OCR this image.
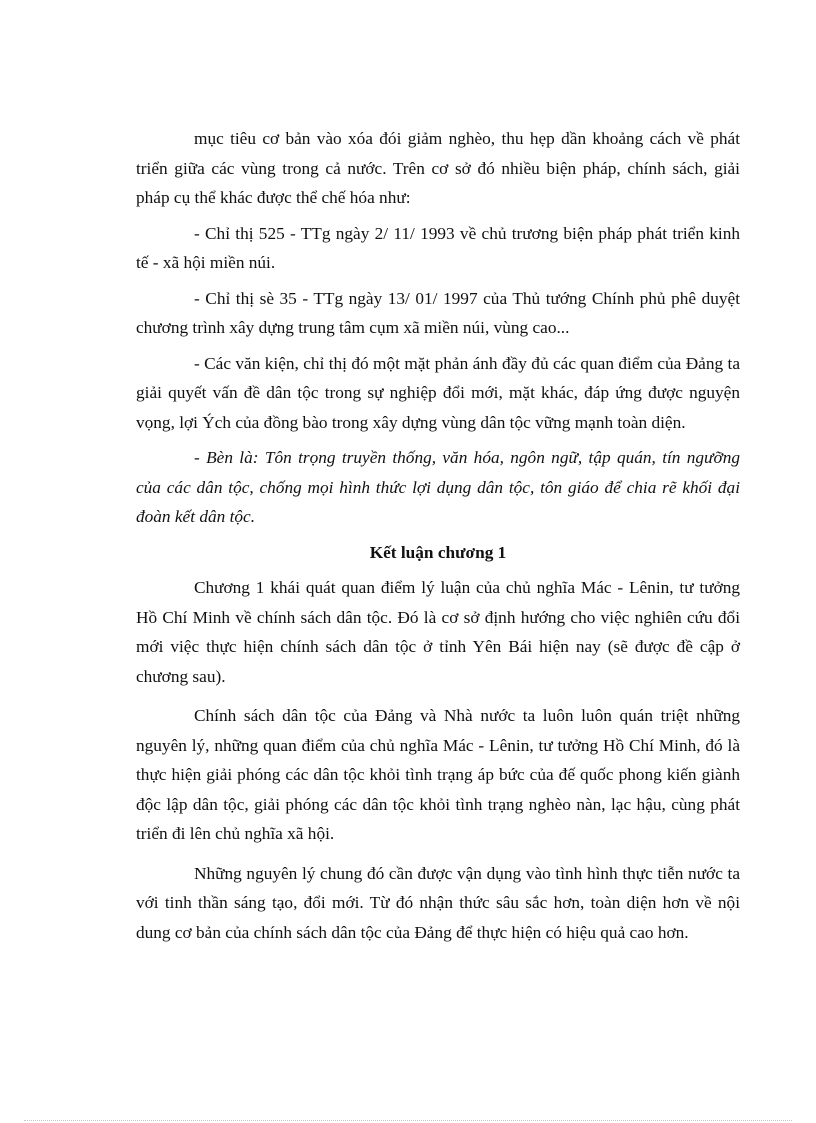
mục tiêu cơ bản vào xóa đói giảm nghèo, thu hẹp dần khoảng cách về phát triển giữa các vùng trong cả nước. Trên cơ sở đó nhiều biện pháp, chính sách, giải pháp cụ thể khác được thể chế hóa như:

- Chỉ thị 525 - TTg ngày 2/ 11/ 1993 về chủ trương biện pháp phát triển kinh tế - xã hội miền núi.

- Chỉ thị sè 35 - TTg ngày 13/ 01/ 1997 của Thủ tướng Chính phủ phê duyệt chương trình xây dựng trung tâm cụm xã miền núi, vùng cao...

- Các văn kiện, chỉ thị đó một mặt phản ánh đầy đủ các quan điểm của Đảng ta giải quyết vấn đề dân tộc trong sự nghiệp đổi mới, mặt khác, đáp ứng được nguyện vọng, lợi Ých của đồng bào trong xây dựng vùng dân tộc vững mạnh toàn diện.

- Bèn là: Tôn trọng truyền thống, văn hóa, ngôn ngữ, tập quán, tín ngưỡng của các dân tộc, chống mọi hình thức lợi dụng dân tộc, tôn giáo để chia rẽ khối đại đoàn kết dân tộc.

Kết luận chương 1

Chương 1 khái quát quan điểm lý luận của chủ nghĩa Mác - Lênin, tư tưởng Hồ Chí Minh về chính sách dân tộc. Đó là cơ sở định hướng cho việc nghiên cứu đổi mới việc thực hiện chính sách dân tộc ở tỉnh Yên Bái hiện nay (sẽ được đề cập ở chương sau).

Chính sách dân tộc của Đảng và Nhà nước ta luôn luôn quán triệt những nguyên lý, những quan điểm của chủ nghĩa Mác - Lênin, tư tưởng Hồ Chí Minh, đó là thực hiện giải phóng các dân tộc khỏi tình trạng áp bức của đế quốc phong kiến giành độc lập dân tộc, giải phóng các dân tộc khỏi tình trạng nghèo nàn, lạc hậu, cùng phát triển đi lên chủ nghĩa xã hội.

Những nguyên lý chung đó cần được vận dụng vào tình hình thực tiễn nước ta với tinh thần sáng tạo, đổi mới. Từ đó nhận thức sâu sắc hơn, toàn diện hơn về nội dung cơ bản của chính sách dân tộc của Đảng để thực hiện có hiệu quả cao hơn.
